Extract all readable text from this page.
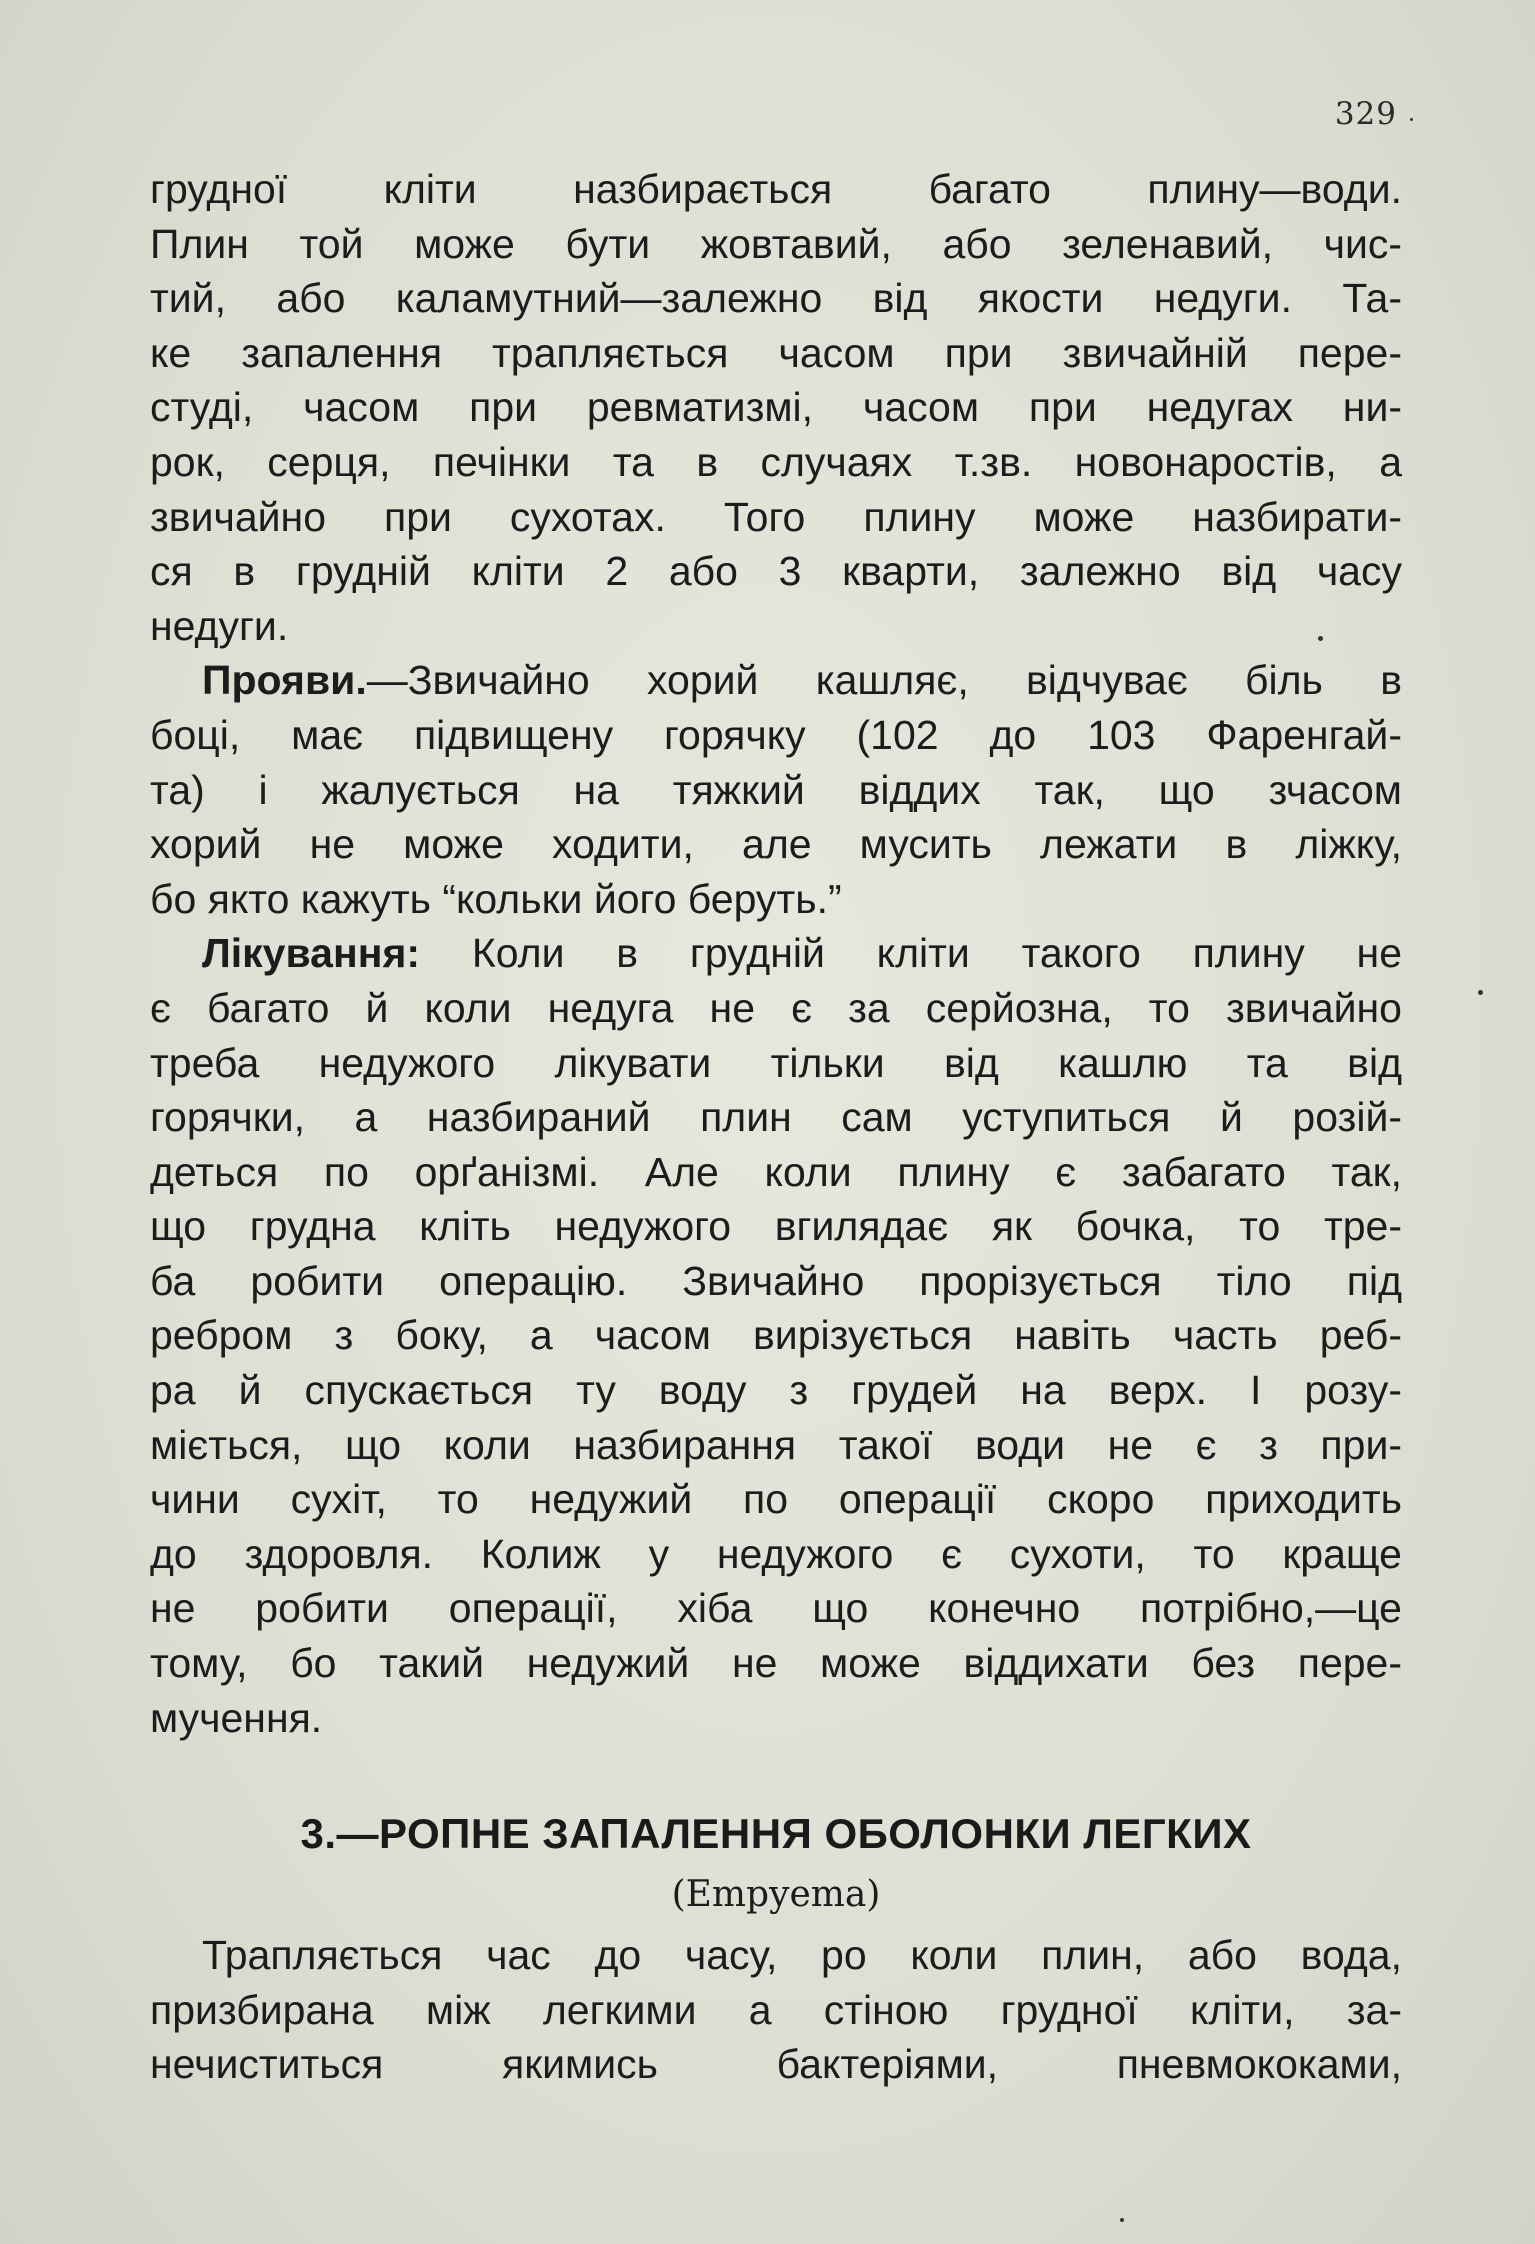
329
грудної кліти назбирається багато плину—води.
Плин той може бути жовтавий, або зеленавий, чис-
тий, або каламутний—залежно від якости недуги. Та-
ке запалення трапляється часом при звичайній пере-
студі, часом при ревматизмі, часом при недугах ни-
рок, серця, печінки та в случаях т.зв. новонаростів, а
звичайно при сухотах. Того плину може назбирати-
ся в грудній кліти 2 або 3 кварти, залежно від часу
недуги.
Прояви.—Звичайно хорий кашляє, відчуває біль в
боці, має підвищену горячку (102 до 103 Фаренгай-
та) і жалується на тяжкий віддих так, що зчасом
хорий не може ходити, але мусить лежати в ліжку,
бо якто кажуть “кольки його беруть.”
Лікування: Коли в грудній кліти такого плину не
є багато й коли недуга не є за серйозна, то звичайно
треба недужого лікувати тільки від кашлю та від
горячки, а назбираний плин сам уступиться й розій-
деться по орґанізмі. Але коли плину є забагато так,
що грудна кліть недужого вгилядає як бочка, то тре-
ба робити операцію. Звичайно прорізується тіло під
ребром з боку, а часом вирізується навіть часть реб-
ра й спускається ту воду з грудей на верх. І розу-
міється, що коли назбирання такої води не є з при-
чини сухіт, то недужий по операції скоро приходить
до здоровля. Колиж у недужого є сухоти, то краще
не робити операції, хіба що конечно потрібно,—це
тому, бо такий недужий не може віддихати без пере-
мучення.
3.—РОПНЕ ЗАПАЛЕННЯ ОБОЛОНКИ ЛЕГКИХ
(Empyema)
Трапляється час до часу, ро коли плин, або вода,
призбирана між легкими а стіною грудної кліти, за-
нечиститься якимись бактеріями, пневмококами,
